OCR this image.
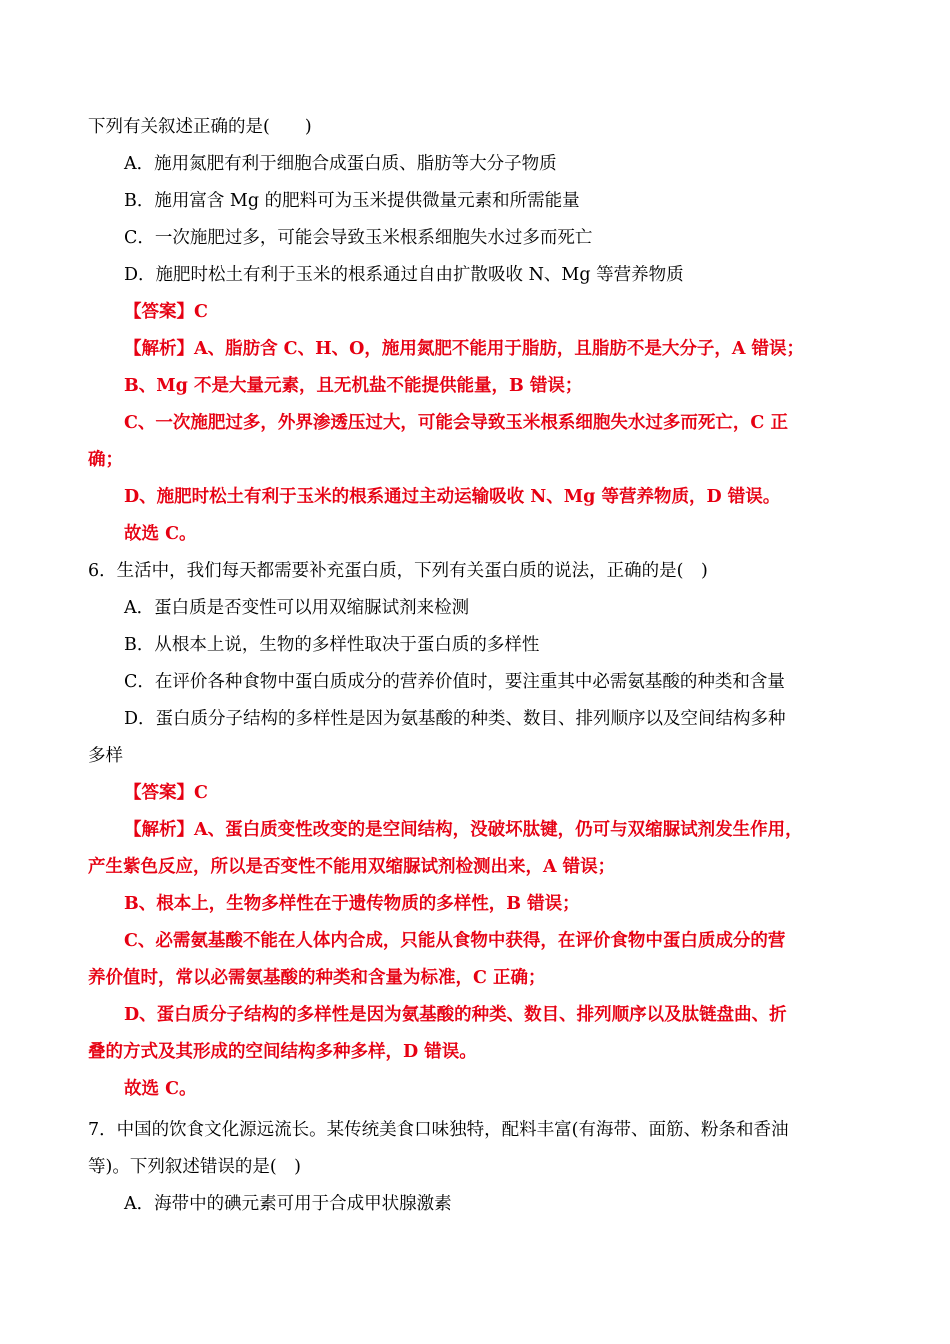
下列有关叙述正确的是(　　)
A．施用氮肥有利于细胞合成蛋白质、脂肪等大分子物质
B．施用富含 Mg 的肥料可为玉米提供微量元素和所需能量
C．一次施肥过多，可能会导致玉米根系细胞失水过多而死亡
D．施肥时松土有利于玉米的根系通过自由扩散吸收 N、Mg 等营养物质
【答案】C
【解析】A、脂肪含 C、H、O，施用氮肥不能用于脂肪，且脂肪不是大分子，A 错误；
B、Mg 不是大量元素，且无机盐不能提供能量，B 错误；
C、一次施肥过多，外界渗透压过大，可能会导致玉米根系细胞失水过多而死亡，C 正
确；
D、施肥时松土有利于玉米的根系通过主动运输吸收 N、Mg 等营养物质，D 错误。
故选 C。
6．生活中，我们每天都需要补充蛋白质，下列有关蛋白质的说法，正确的是(　)
A．蛋白质是否变性可以用双缩脲试剂来检测
B．从根本上说，生物的多样性取决于蛋白质的多样性
C．在评价各种食物中蛋白质成分的营养价值时，要注重其中必需氨基酸的种类和含量
D．蛋白质分子结构的多样性是因为氨基酸的种类、数目、排列顺序以及空间结构多种
多样
【答案】C
【解析】A、蛋白质变性改变的是空间结构，没破坏肽键，仍可与双缩脲试剂发生作用，
产生紫色反应，所以是否变性不能用双缩脲试剂检测出来，A 错误；
B、根本上，生物多样性在于遗传物质的多样性，B 错误；
C、必需氨基酸不能在人体内合成，只能从食物中获得，在评价食物中蛋白质成分的营
养价值时，常以必需氨基酸的种类和含量为标准，C 正确；
D、蛋白质分子结构的多样性是因为氨基酸的种类、数目、排列顺序以及肽链盘曲、折
叠的方式及其形成的空间结构多种多样，D 错误。
故选 C。
7．中国的饮食文化源远流长。某传统美食口味独特，配料丰富(有海带、面筋、粉条和香油
等)。下列叙述错误的是(　)
A．海带中的碘元素可用于合成甲状腺激素
